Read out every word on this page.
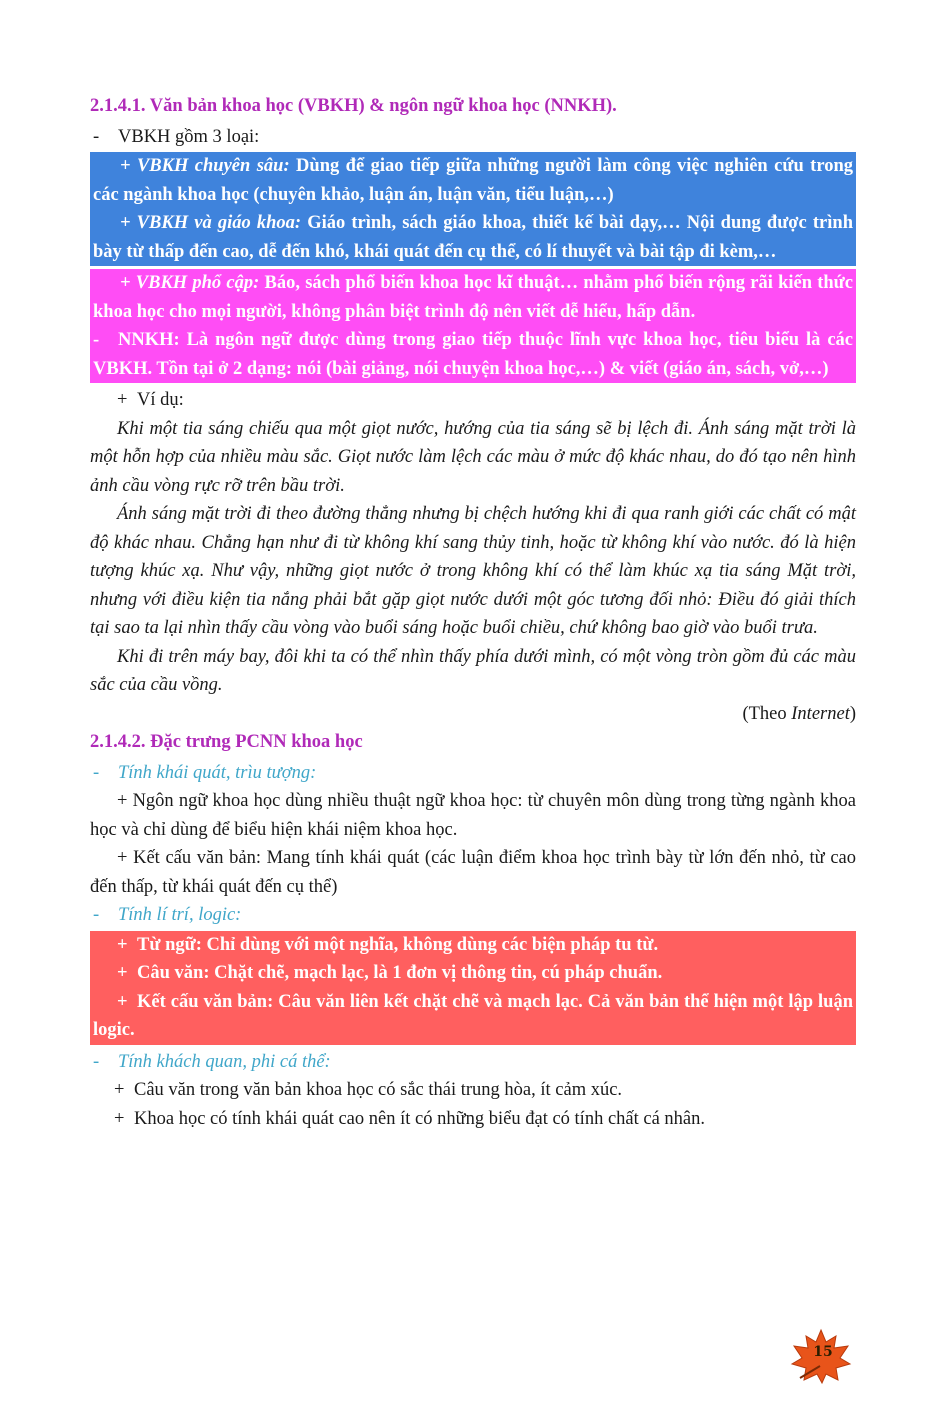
2.1.4.1. Văn bản khoa học (VBKH) & ngôn ngữ khoa học (NNKH).

- VBKH gồm 3 loại:

+ VBKH chuyên sâu: Dùng để giao tiếp giữa những người làm công việc nghiên cứu trong các ngành khoa học (chuyên khảo, luận án, luận văn, tiểu luận,…)

+ VBKH và giáo khoa: Giáo trình, sách giáo khoa, thiết kế bài dạy,… Nội dung được trình bày từ thấp đến cao, dễ đến khó, khái quát đến cụ thể, có lí thuyết và bài tập đi kèm,…

+ VBKH phổ cập: Báo, sách phổ biến khoa học kĩ thuật… nhằm phổ biến rộng rãi kiến thức khoa học cho mọi người, không phân biệt trình độ nên viết dễ hiểu, hấp dẫn.

- NNKH: Là ngôn ngữ được dùng trong giao tiếp thuộc lĩnh vực khoa học, tiêu biểu là các VBKH. Tồn tại ở 2 dạng: nói (bài giảng, nói chuyện khoa học,…) & viết (giáo án, sách, vở,…)

+ Ví dụ:

Khi một tia sáng chiếu qua một giọt nước, hướng của tia sáng sẽ bị lệch đi. Ánh sáng mặt trời là một hỗn hợp của nhiều màu sắc. Giọt nước làm lệch các màu ở mức độ khác nhau, do đó tạo nên hình ảnh cầu vòng rực rỡ trên bầu trời.

Ánh sáng mặt trời đi theo đường thẳng nhưng bị chệch hướng khi đi qua ranh giới các chất có mật độ khác nhau. Chẳng hạn như đi từ không khí sang thủy tinh, hoặc từ không khí vào nước. đó là hiện tượng khúc xạ. Như vậy, những giọt nước ở trong không khí có thể làm khúc xạ tia sáng Mặt trời, nhưng với điều kiện tia nắng phải bắt gặp giọt nước dưới một góc tương đối nhỏ: Điều đó giải thích tại sao ta lại nhìn thấy cầu vòng vào buổi sáng hoặc buổi chiều, chứ không bao giờ vào buổi trưa.

Khi đi trên máy bay, đôi khi ta có thể nhìn thấy phía dưới mình, có một vòng tròn gồm đủ các màu sắc của cầu vồng.

(Theo Internet)

2.1.4.2. Đặc trưng PCNN khoa học

- Tính khái quát, trìu tượng:

+ Ngôn ngữ khoa học dùng nhiều thuật ngữ khoa học: từ chuyên môn dùng trong từng ngành khoa học và chỉ dùng để biểu hiện khái niệm khoa học.

+ Kết cấu văn bản: Mang tính khái quát (các luận điểm khoa học trình bày từ lớn đến nhỏ, từ cao đến thấp, từ khái quát đến cụ thể)

- Tính lí trí, logic:

+ Từ ngữ: Chỉ dùng với một nghĩa, không dùng các biện pháp tu từ.

+ Câu văn: Chặt chẽ, mạch lạc, là 1 đơn vị thông tin, cú pháp chuẩn.

+ Kết cấu văn bản: Câu văn liên kết chặt chẽ và mạch lạc. Cả văn bản thể hiện một lập luận logic.

- Tính khách quan, phi cá thể:

+ Câu văn trong văn bản khoa học có sắc thái trung hòa, ít cảm xúc.

+ Khoa học có tính khái quát cao nên ít có những biểu đạt có tính chất cá nhân.

15
